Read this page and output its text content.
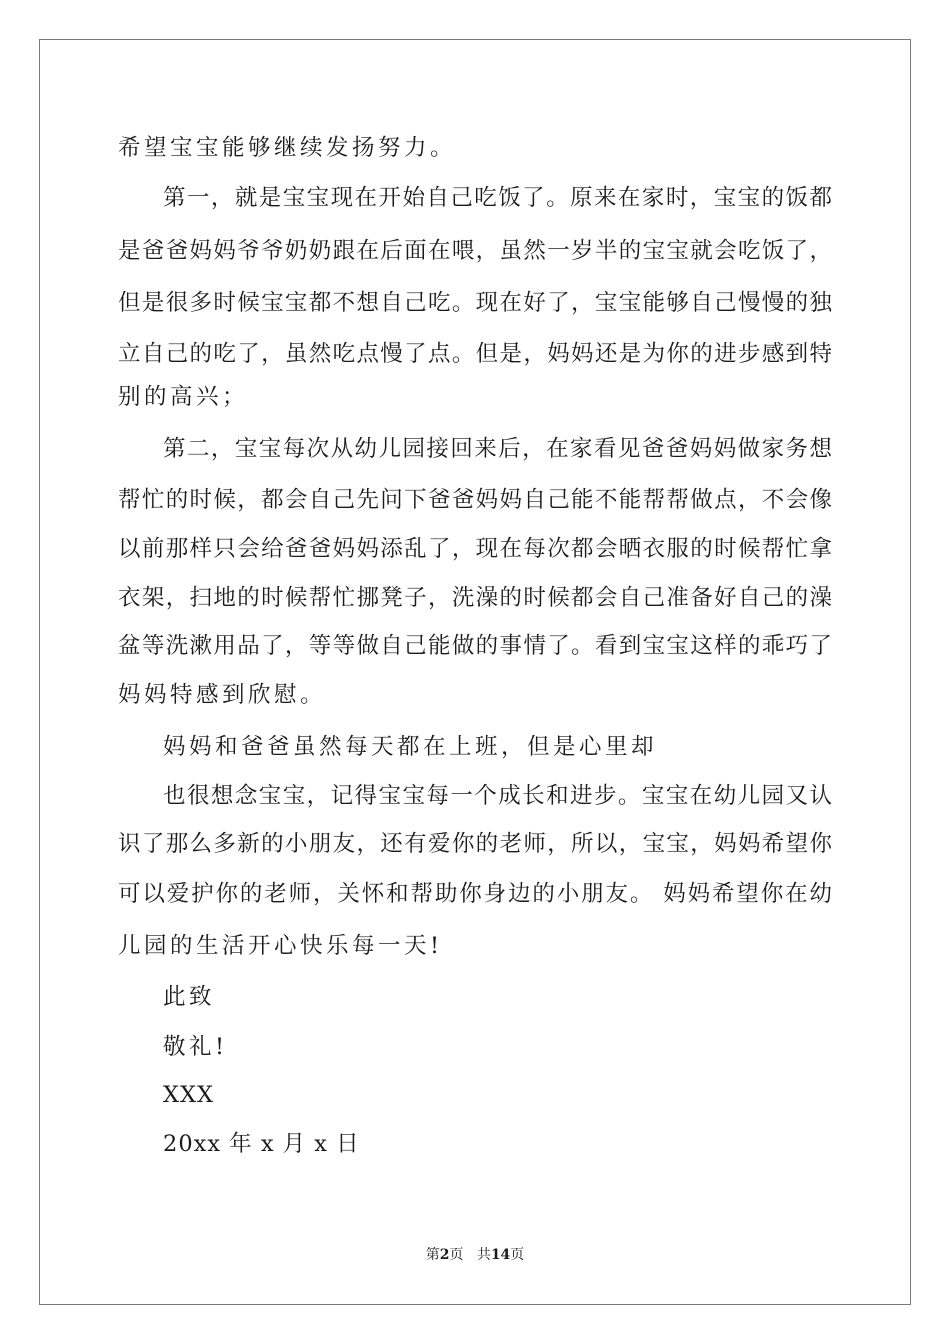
希望宝宝能够继续发扬努力。
第一，就是宝宝现在开始自己吃饭了。原来在家时，宝宝的饭都
是爸爸妈妈爷爷奶奶跟在后面在喂，虽然一岁半的宝宝就会吃饭了，
但是很多时候宝宝都不想自己吃。现在好了，宝宝能够自己慢慢的独
立自己的吃了，虽然吃点慢了点。但是，妈妈还是为你的进步感到特
别的高兴；
第二，宝宝每次从幼儿园接回来后，在家看见爸爸妈妈做家务想
帮忙的时候，都会自己先问下爸爸妈妈自己能不能帮帮做点，不会像
以前那样只会给爸爸妈妈添乱了，现在每次都会晒衣服的时候帮忙拿
衣架，扫地的时候帮忙挪凳子，洗澡的时候都会自己准备好自己的澡
盆等洗漱用品了，等等做自己能做的事情了。看到宝宝这样的乖巧了
妈妈特感到欣慰。
妈妈和爸爸虽然每天都在上班，但是心里却
也很想念宝宝，记得宝宝每一个成长和进步。宝宝在幼儿园又认
识了那么多新的小朋友，还有爱你的老师，所以，宝宝，妈妈希望你
可以爱护你的老师，关怀和帮助你身边的小朋友。 妈妈希望你在幼
儿园的生活开心快乐每一天!
此致
敬礼!
XXX
20xx 年 x 月 x 日
第2页 共14页
